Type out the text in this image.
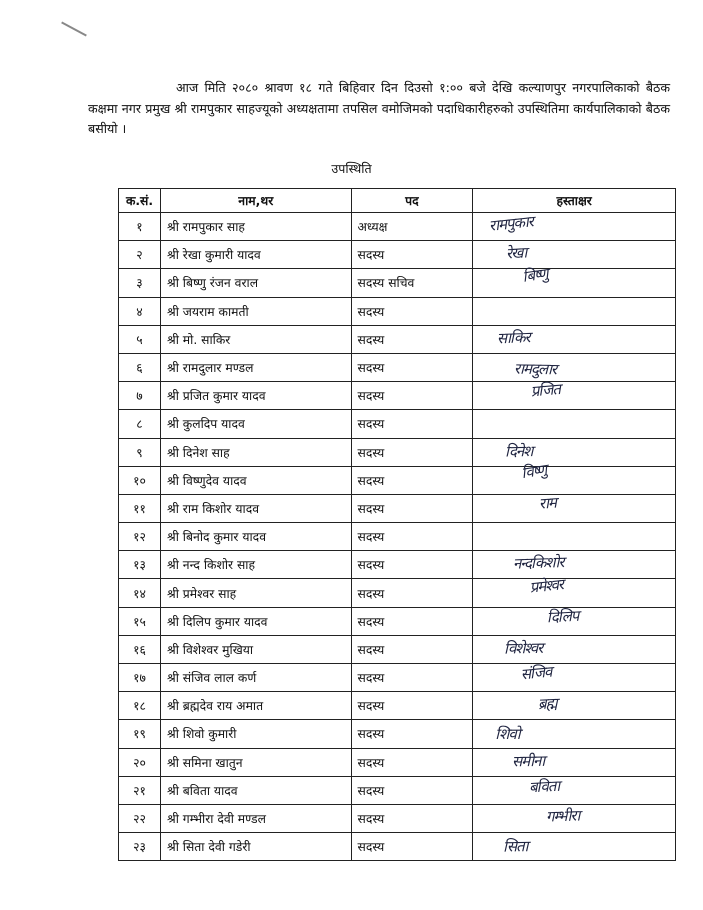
आज मिति २०८० श्रावण १८ गते बिहिवार दिन दिउसो १:०० बजे देखि कल्याणपुर नगरपालिकाको बैठक कक्षमा नगर प्रमुख श्री रामपुकार साहज्यूको अध्यक्षतामा तपसिल वमोजिमको पदाधिकारीहरुको उपस्थितिमा कार्यपालिकाको बैठक बसीयो ।

उपस्थिति
क.सं.	नाम,थर	पद	हस्ताक्षर
१	श्री रामपुकार साह	अध्यक्ष	रामपुकार

२	श्री रेखा कुमारी यादव	सदस्य	रेखा

३	श्री बिष्णु रंजन वराल	सदस्य सचिव	बिष्णु

४	श्री जयराम कामती	सदस्य	
५	श्री मो. साकिर	सदस्य	साकिर

६	श्री रामदुलार मण्डल	सदस्य	रामदुलार

७	श्री प्रजित कुमार यादव	सदस्य	प्रजित

८	श्री कुलदिप यादव	सदस्य	
९	श्री दिनेश साह	सदस्य	दिनेश

१०	श्री विष्णुदेव यादव	सदस्य	विष्णु

११	श्री राम किशोर यादव	सदस्य	राम

१२	श्री बिनोद कुमार यादव	सदस्य	
१३	श्री नन्द किशोर साह	सदस्य	नन्दकिशोर

१४	श्री प्रमेश्वर साह	सदस्य	प्रमेश्वर

१५	श्री दिलिप कुमार यादव	सदस्य	दिलिप

१६	श्री विशेश्वर मुखिया	सदस्य	विशेश्वर

१७	श्री संजिव लाल कर्ण	सदस्य	संजिव

१८	श्री ब्रह्मदेव राय अमात	सदस्य	ब्रह्म

१९	श्री शिवो कुमारी	सदस्य	शिवो

२०	श्री समिना खातुन	सदस्य	समीना

२१	श्री बविता यादव	सदस्य	बविता

२२	श्री गम्भीरा देवी मण्डल	सदस्य	गम्भीरा

२३	श्री सिता देवी गडेरी	सदस्य	सिता
